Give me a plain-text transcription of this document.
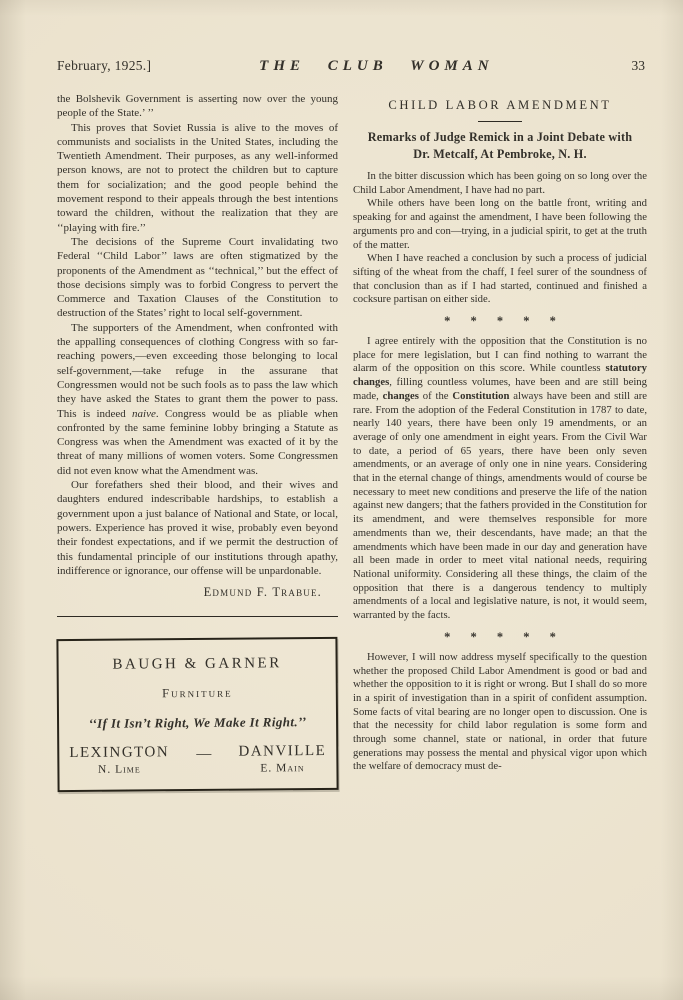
February, 1925.]	THE CLUB WOMAN	33

the Bolshevik Government is asserting now over the young people of the State.’ ’’

This proves that Soviet Russia is alive to the moves of communists and socialists in the United States, including the Twentieth Amendment. Their purposes, as any well-informed person knows, are not to protect the children but to capture them for socialization; and the good people behind the movement respond to their appeals through the best intentions toward the children, without the realization that they are ‘‘playing with fire.’’

The decisions of the Supreme Court invalidating two Federal ‘‘Child Labor’’ laws are often stigmatized by the proponents of the Amendment as ‘‘technical,’’ but the effect of those decisions simply was to forbid Congress to pervert the Commerce and Taxation Clauses of the Constitution to destruction of the States’ right to local self-government.

The supporters of the Amendment, when confronted with the appalling consequences of clothing Congress with so far-reaching powers,—even exceeding those belonging to local self-government,—take refuge in the assurane that Congressmen would not be such fools as to pass the law which they have asked the States to grant them the power to pass. This is indeed naive. Congress would be as pliable when confronted by the same feminine lobby bringing a Statute as Congress was when the Amendment was exacted of it by the threat of many millions of women voters. Some Congressmen did not even know what the Amendment was.

Our forefathers shed their blood, and their wives and daughters endured indescribable hardships, to establish a government upon a just balance of National and State, or local, powers. Experience has proved it wise, probably even beyond their fondest expectations, and if we permit the destruction of this fundamental principle of our institutions through apathy, indifference or ignorance, our offense will be unpardonable.

Edmund F. Trabue.
BAUGH & GARNER
Furniture
‘‘If It Isn’t Right, We Make It Right.’’
LEXINGTON
N. Lime
— DANVILLE
E. Main
CHILD LABOR AMENDMENT
Remarks of Judge Remick in a Joint Debate with Dr. Metcalf, At Pembroke, N. H.

In the bitter discussion which has been going on so long over the Child Labor Amendment, I have had no part.

While others have been long on the battle front, writing and speaking for and against the amendment, I have been following the arguments pro and con—trying, in a judicial spirit, to get at the truth of the matter.

When I have reached a conclusion by such a process of judicial sifting of the wheat from the chaff, I feel surer of the soundness of that conclusion than as if I had started, continued and finished a cocksure partisan on either side.

* * * * *

I agree entirely with the opposition that the Constitution is no place for mere legislation, but I can find nothing to warrant the alarm of the opposition on this score. While countless statutory changes, filling countless volumes, have been and are still being made, changes of the Constitution always have been and still are rare. From the adoption of the Federal Constitution in 1787 to date, nearly 140 years, there have been only 19 amendments, or an average of only one amendment in eight years. From the Civil War to date, a period of 65 years, there have been only seven amendments, or an average of only one in nine years. Considering that in the eternal change of things, amendments would of course be necessary to meet new conditions and preserve the life of the nation against new dangers; that the fathers provided in the Constitution for its amendment, and were themselves responsible for more amendments than we, their descendants, have made; an that the amendments which have been made in our day and generation have all been made in order to meet vital national needs, requiring National uniformity. Considering all these things, the claim of the opposition that there is a dangerous tendency to multiply amendments of a local and legislative nature, is not, it would seem, warranted by the facts.

* * * * *

However, I will now address myself specifically to the question whether the proposed Child Labor Amendment is good or bad and whether the opposition to it is right or wrong. But I shall do so more in a spirit of investigation than in a spirit of confident assumption. Some facts of vital bearing are no longer open to discussion. One is that the necessity for child labor regulation is some form and through some channel, state or national, in order that future generations may possess the mental and physical vigor upon which the welfare of democracy must de-
